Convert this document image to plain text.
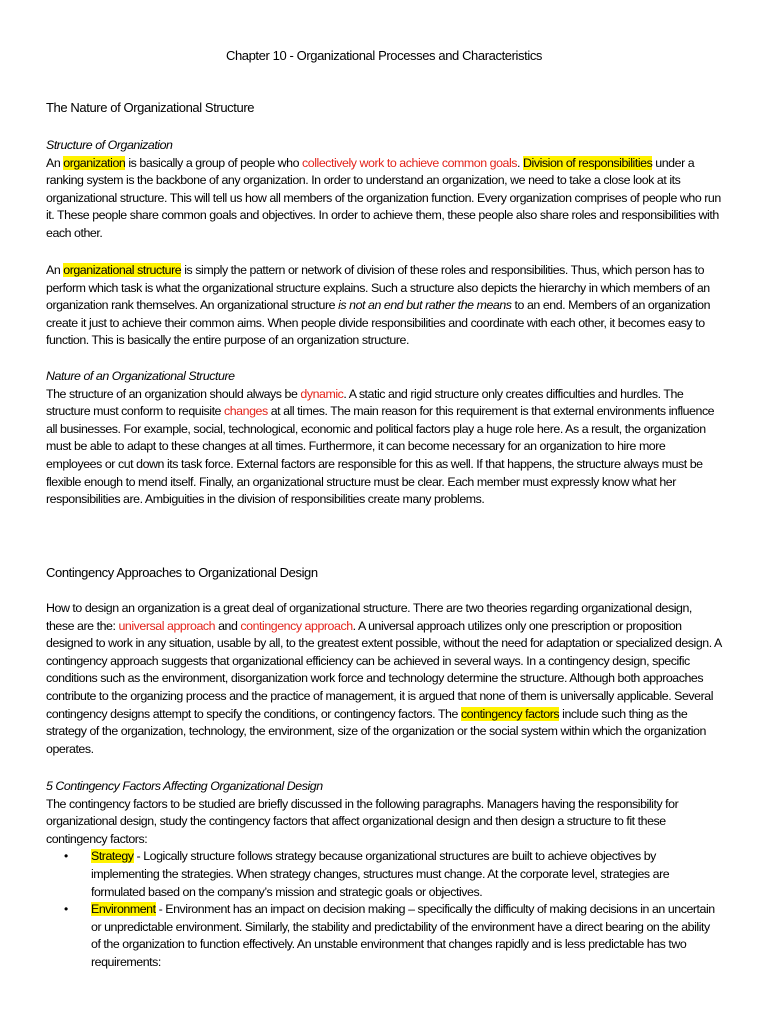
Chapter 10 - Organizational Processes and Characteristics
The Nature of Organizational Structure

Structure of Organization

An organization is basically a group of people who collectively work to achieve common goals. Division of responsibilities under a ranking system is the backbone of any organization. In order to understand an organization, we need to take a close look at its organizational structure. This will tell us how all members of the organization function. Every organization comprises of people who run it. These people share common goals and objectives. In order to achieve them, these people also share roles and responsibilities with each other.

An organizational structure is simply the pattern or network of division of these roles and responsibilities. Thus, which person has to perform which task is what the organizational structure explains. Such a structure also depicts the hierarchy in which members of an organization rank themselves. An organizational structure is not an end but rather the means to an end. Members of an organization create it just to achieve their common aims. When people divide responsibilities and coordinate with each other, it becomes easy to function. This is basically the entire purpose of an organization structure.

Nature of an Organizational Structure

The structure of an organization should always be dynamic. A static and rigid structure only creates difficulties and hurdles. The structure must conform to requisite changes at all times. The main reason for this requirement is that external environments influence all businesses. For example, social, technological, economic and political factors play a huge role here. As a result, the organization must be able to adapt to these changes at all times. Furthermore, it can become necessary for an organization to hire more employees or cut down its task force. External factors are responsible for this as well. If that happens, the structure always must be flexible enough to mend itself. Finally, an organizational structure must be clear. Each member must expressly know what her responsibilities are. Ambiguities in the division of responsibilities create many problems.

Contingency Approaches to Organizational Design

How to design an organization is a great deal of organizational structure. There are two theories regarding organizational design, these are the: universal approach and contingency approach. A universal approach utilizes only one prescription or proposition designed to work in any situation, usable by all, to the greatest extent possible, without the need for adaptation or specialized design. A contingency approach suggests that organizational efficiency can be achieved in several ways. In a contingency design, specific conditions such as the environment, disorganization work force and technology determine the structure. Although both approaches contribute to the organizing process and the practice of management, it is argued that none of them is universally applicable. Several contingency designs attempt to specify the conditions, or contingency factors. The contingency factors include such thing as the strategy of the organization, technology, the environment, size of the organization or the social system within which the organization operates.

5 Contingency Factors Affecting Organizational Design

The contingency factors to be studied are briefly discussed in the following paragraphs. Managers having the responsibility for organizational design, study the contingency factors that affect organizational design and then design a structure to fit these contingency factors:

• Strategy - Logically structure follows strategy because organizational structures are built to achieve objectives by implementing the strategies. When strategy changes, structures must change. At the corporate level, strategies are formulated based on the company’s mission and strategic goals or objectives.
• Environment - Environment has an impact on decision making – specifically the difficulty of making decisions in an uncertain or unpredictable environment. Similarly, the stability and predictability of the environment have a direct bearing on the ability of the organization to function effectively. An unstable environment that changes rapidly and is less predictable has two requirements:
